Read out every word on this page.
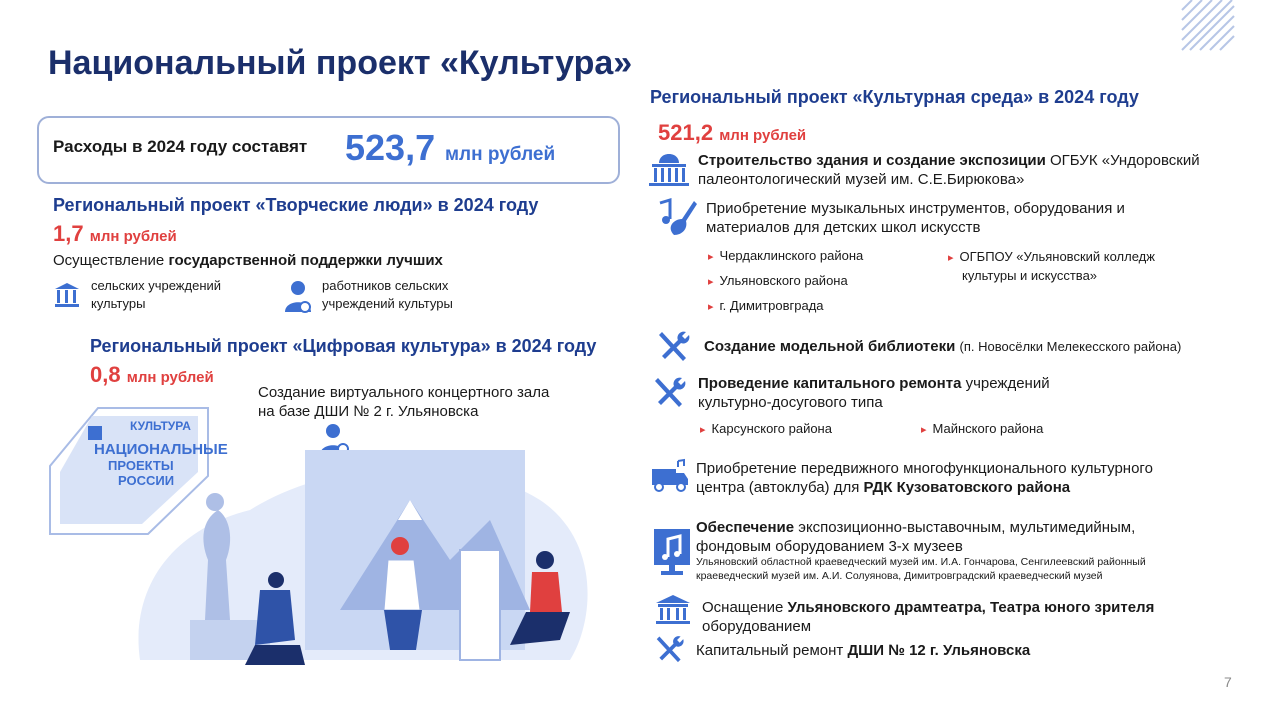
Национальный проект «Культура»
Расходы в 2024 году составят 523,7 млн рублей
Региональный проект «Творческие люди» в 2024 году
1,7 млн рублей
Осуществление государственной поддержки лучших
сельских учреждений
культуры
работников сельских
учреждений культуры
Региональный проект «Цифровая культура» в 2024 году
0,8 млн рублей
Создание виртуального концертного зала
на базе ДШИ № 2 г. Ульяновска
КУЛЬТУРА
НАЦИОНАЛЬНЫЕ
ПРОЕКТЫ
РОССИИ
Региональный проект «Культурная среда» в 2024 году
521,2 млн рублей
Строительство здания и создание экспозиции ОГБУК «Ундоровский
палеонтологический музей им. С.Е.Бирюкова»
Приобретение музыкальных инструментов, оборудования и
материалов для детских школ искусств
▸ Чердаклинского района
▸ Ульяновского района
▸ г. Димитровграда
▸ ОГБПОУ «Ульяновский колледж
культуры и искусства»
Создание модельной библиотеки (п. Новосёлки Мелекесского района)
Проведение капитального ремонта учреждений
культурно-досугового типа
▸ Карсунского района
▸	Майнского района
Приобретение передвижного многофункционального культурного
центра (автоклуба) для РДК Кузоватовского района
Обеспечение экспозиционно-выставочным, мультимедийным,
фондовым оборудованием 3-х музеев
Ульяновский областной краеведческий музей им. И.А. Гончарова, Сенгилеевский районный
краеведческий музей им. А.И. Солуянова, Димитровградский краеведческий музей
Оснащение Ульяновского драмтеатра, Театра юного зрителя
оборудованием
Капитальный ремонт ДШИ № 12 г. Ульяновска
7
